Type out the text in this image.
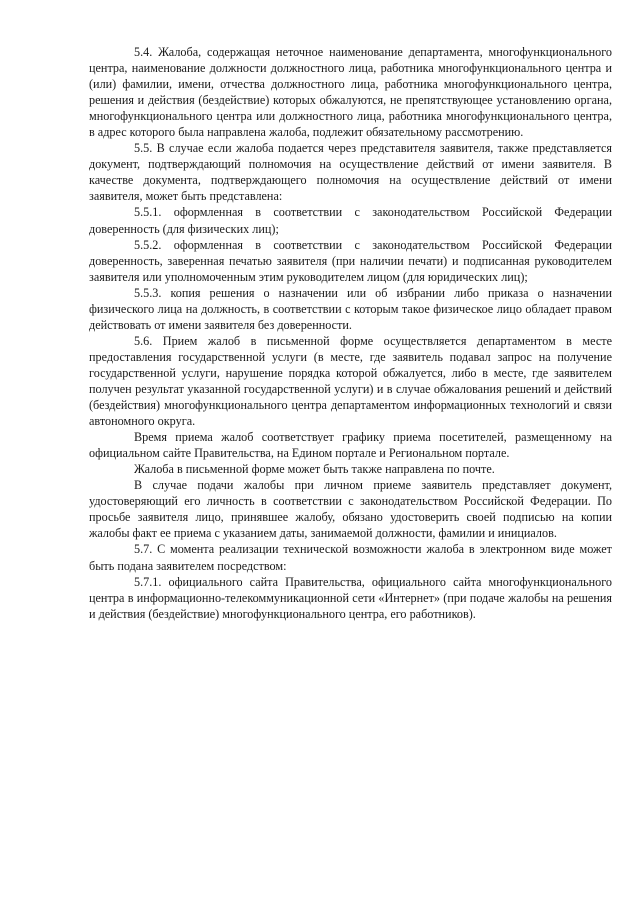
5.4. Жалоба, содержащая неточное наименование департамента, многофункционального центра, наименование должности должностного лица, работника многофункционального центра и (или) фамилии, имени, отчества должностного лица, работника многофункционального центра, решения и действия (бездействие) которых обжалуются, не препятствующее установлению органа, многофункционального центра или должностного лица, работника многофункционального центра, в адрес которого была направлена жалоба, подлежит обязательному рассмотрению.

5.5. В случае если жалоба подается через представителя заявителя, также представляется документ, подтверждающий полномочия на осуществление действий от имени заявителя. В качестве документа, подтверждающего полномочия на осуществление действий от имени заявителя, может быть представлена:

5.5.1. оформленная в соответствии с законодательством Российской Федерации доверенность (для физических лиц);

5.5.2. оформленная в соответствии с законодательством Российской Федерации доверенность, заверенная печатью заявителя (при наличии печати) и подписанная руководителем заявителя или уполномоченным этим руководителем лицом (для юридических лиц);

5.5.3. копия решения о назначении или об избрании либо приказа о назначении физического лица на должность, в соответствии с которым такое физическое лицо обладает правом действовать от имени заявителя без доверенности.

5.6. Прием жалоб в письменной форме осуществляется департаментом в месте предоставления государственной услуги (в месте, где заявитель подавал запрос на получение государственной услуги, нарушение порядка которой обжалуется, либо в месте, где заявителем получен результат указанной государственной услуги) и в случае обжалования решений и действий (бездействия) многофункционального центра департаментом информационных технологий и связи автономного округа.

Время приема жалоб соответствует графику приема посетителей, размещенному на официальном сайте Правительства, на Едином портале и Региональном портале.

Жалоба в письменной форме может быть также направлена по почте.

В случае подачи жалобы при личном приеме заявитель представляет документ, удостоверяющий его личность в соответствии с законодательством Российской Федерации. По просьбе заявителя лицо, принявшее жалобу, обязано удостоверить своей подписью на копии жалобы факт ее приема с указанием даты, занимаемой должности, фамилии и инициалов.

5.7. С момента реализации технической возможности жалоба в электронном виде может быть подана заявителем посредством:

5.7.1. официального сайта Правительства, официального сайта многофункционального центра в информационно-телекоммуникационной сети «Интернет» (при подаче жалобы на решения и действия (бездействие) многофункционального центра, его работников).
